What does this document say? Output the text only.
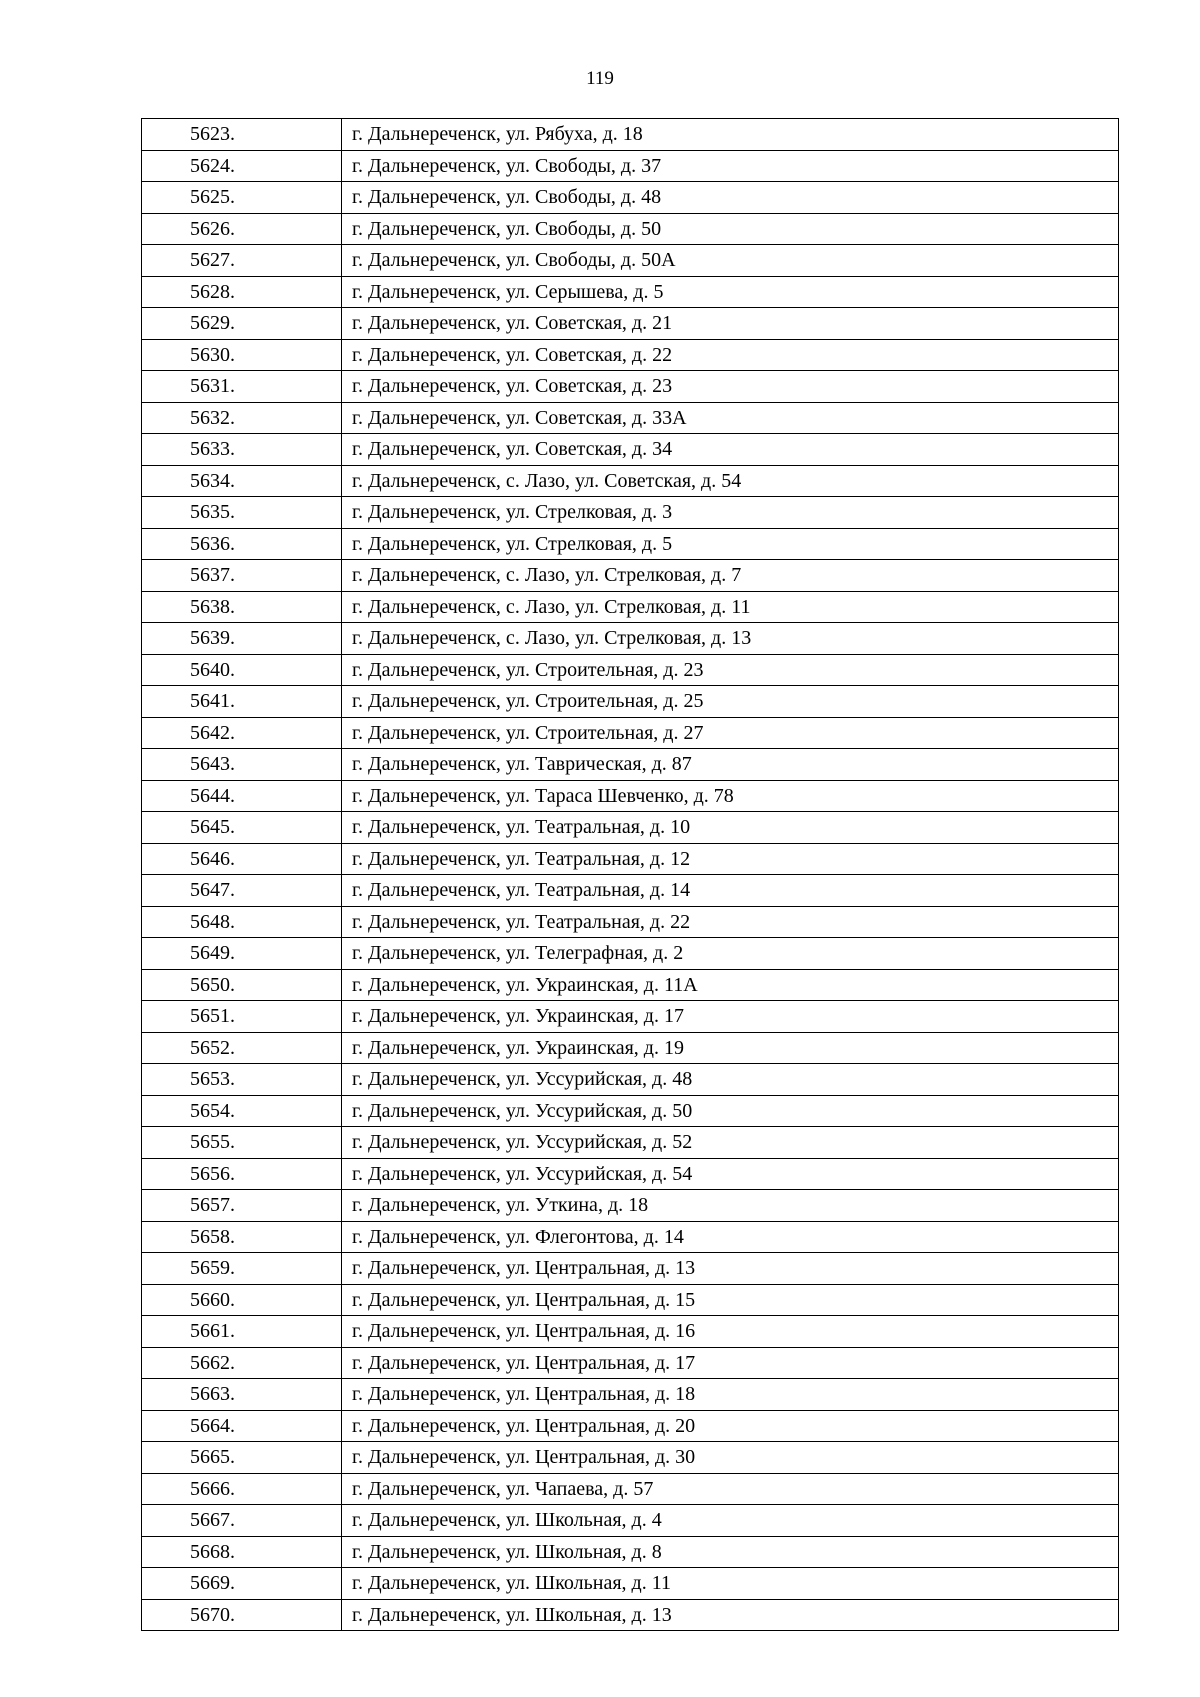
119
5623.	г. Дальнереченск, ул. Рябуха, д. 18
5624.	г. Дальнереченск, ул. Свободы, д. 37
5625.	г. Дальнереченск, ул. Свободы, д. 48
5626.	г. Дальнереченск, ул. Свободы, д. 50
5627.	г. Дальнереченск, ул. Свободы, д. 50А
5628.	г. Дальнереченск, ул. Серышева, д. 5
5629.	г. Дальнереченск, ул. Советская, д. 21
5630.	г. Дальнереченск, ул. Советская, д. 22
5631.	г. Дальнереченск, ул. Советская, д. 23
5632.	г. Дальнереченск, ул. Советская, д. 33А
5633.	г. Дальнереченск, ул. Советская, д. 34
5634.	г. Дальнереченск, с. Лазо, ул. Советская, д. 54
5635.	г. Дальнереченск, ул. Стрелковая, д. 3
5636.	г. Дальнереченск, ул. Стрелковая, д. 5
5637.	г. Дальнереченск, с. Лазо, ул. Стрелковая, д. 7
5638.	г. Дальнереченск, с. Лазо, ул. Стрелковая, д. 11
5639.	г. Дальнереченск, с. Лазо, ул. Стрелковая, д. 13
5640.	г. Дальнереченск, ул. Строительная, д. 23
5641.	г. Дальнереченск, ул. Строительная, д. 25
5642.	г. Дальнереченск, ул. Строительная, д. 27
5643.	г. Дальнереченск, ул. Таврическая, д. 87
5644.	г. Дальнереченск, ул. Тараса Шевченко, д. 78
5645.	г. Дальнереченск, ул. Театральная, д. 10
5646.	г. Дальнереченск, ул. Театральная, д. 12
5647.	г. Дальнереченск, ул. Театральная, д. 14
5648.	г. Дальнереченск, ул. Театральная, д. 22
5649.	г. Дальнереченск, ул. Телеграфная, д. 2
5650.	г. Дальнереченск, ул. Украинская, д. 11А
5651.	г. Дальнереченск, ул. Украинская, д. 17
5652.	г. Дальнереченск, ул. Украинская, д. 19
5653.	г. Дальнереченск, ул. Уссурийская, д. 48
5654.	г. Дальнереченск, ул. Уссурийская, д. 50
5655.	г. Дальнереченск, ул. Уссурийская, д. 52
5656.	г. Дальнереченск, ул. Уссурийская, д. 54
5657.	г. Дальнереченск, ул. Уткина, д. 18
5658.	г. Дальнереченск, ул. Флегонтова, д. 14
5659.	г. Дальнереченск, ул. Центральная, д. 13
5660.	г. Дальнереченск, ул. Центральная, д. 15
5661.	г. Дальнереченск, ул. Центральная, д. 16
5662.	г. Дальнереченск, ул. Центральная, д. 17
5663.	г. Дальнереченск, ул. Центральная, д. 18
5664.	г. Дальнереченск, ул. Центральная, д. 20
5665.	г. Дальнереченск, ул. Центральная, д. 30
5666.	г. Дальнереченск, ул. Чапаева, д. 57
5667.	г. Дальнереченск, ул. Школьная, д. 4
5668.	г. Дальнереченск, ул. Школьная, д. 8
5669.	г. Дальнереченск, ул. Школьная, д. 11
5670.	г. Дальнереченск, ул. Школьная, д. 13
